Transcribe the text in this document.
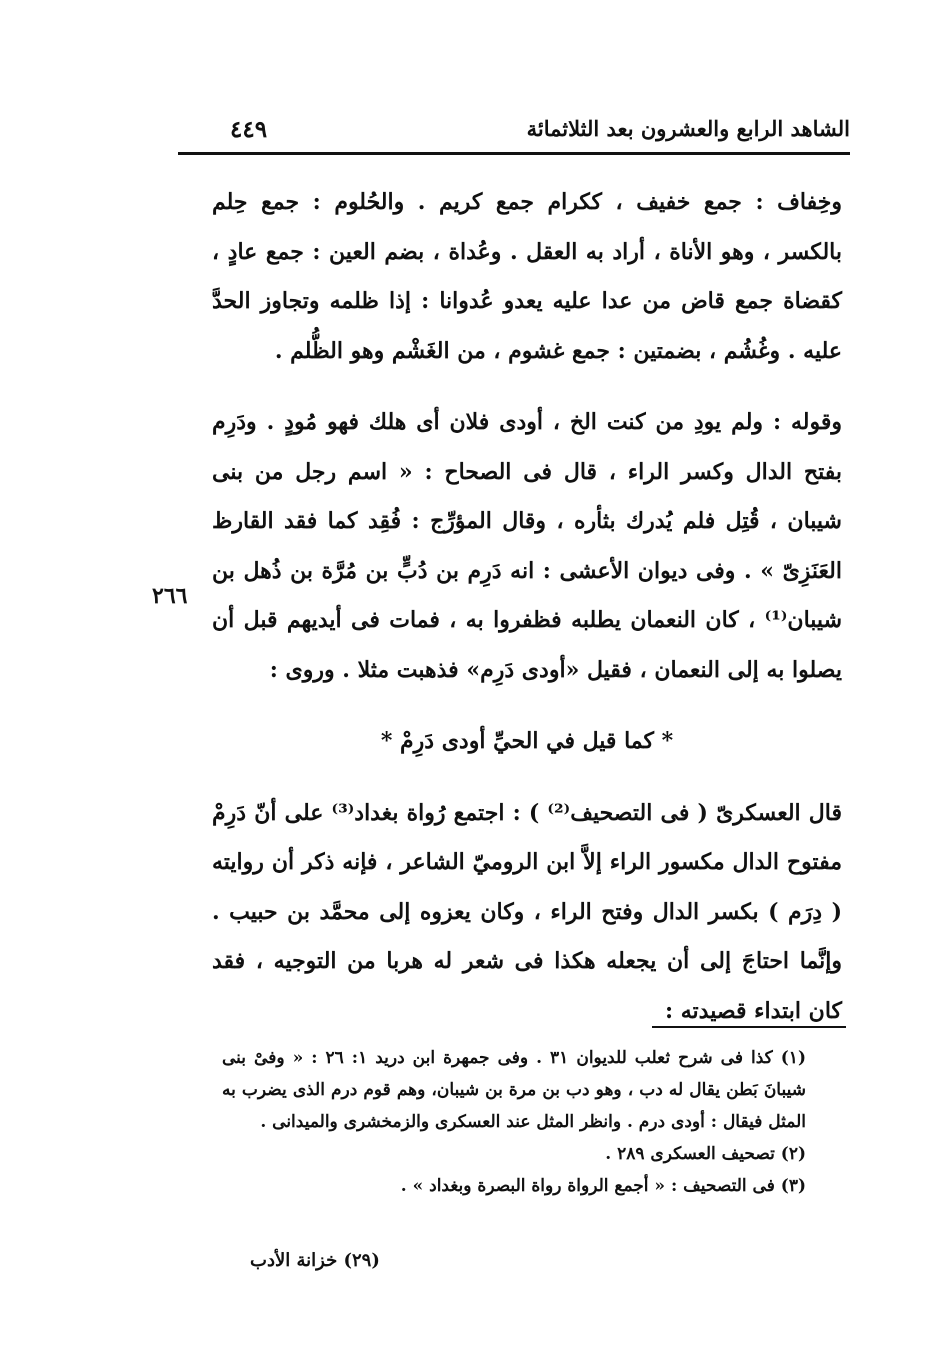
الشاهد الرابع والعشرون بعد الثلاثمائة
٤٤٩

وخِفاف : جمع خفيف ، ككرام جمع كريم . والحُلوم : جمع حِلم بالكسر ، وهو الأناة ، أراد به العقل . وعُداة ، بضم العين : جمع عادٍ ، كقضاة جمع قاض من عدا عليه يعدو عُدوانا : إذا ظلمه وتجاوز الحدَّ عليه . وغُشُم ، بضمتين : جمع غشوم ، من الغَشْم وهو الظُّلم .

وقوله : ولم يودِ من كنت الخ ، أودى فلان أى هلك فهو مُودٍ . ودَرِم بفتح الدال وكسر الراء ، قال فى الصحاح : « اسم رجل من بنى شيبان ، قُتِل فلم يُدرك بثأره ، وقال المؤرِّج : فُقِد كما فقد القارظ العَنَزِىّ » . وفى ديوان الأعشى : انه دَرِم بن دُبٍّ بن مُرَّة بن ذُهل بن شيبان⁽¹⁾ ، كان النعمان يطلبه فظفروا به ، فمات فى أيديهم قبل أن يصلوا به إلى النعمان ، فقيل «أودى دَرِم» فذهبت مثلا . وروى :

* كما قيل في الحيِّ أودى دَرِمْ *

قال العسكرىّ ( فى التصحيف⁽²⁾ ) : اجتمع رُواة بغداد⁽³⁾ على أنّ دَرِمْ مفتوح الدال مكسور الراء إلاَّ ابن الروميّ الشاعر ، فإنه ذكر أن روايته ( دِرَم ) بكسر الدال وفتح الراء ، وكان يعزوه إلى محمَّد بن حبيب . وإنَّما احتاجَ إلى أن يجعله هكذا فى شعر له هربا من التوجيه ، فقد كان ابتداء قصيدته :

٢٦٦

(١) كذا فى شرح ثعلب للديوان ٣١ . وفى جمهرة ابن دريد ١: ٢٦ : « وفىْ بنى شيبانَ بَطن يقال له دب ، وهو دب بن مرة بن شيبان، وهم قوم درم الذى يضرب به المثل فيقال : أودى درم . وانظر المثل عند العسكرى والزمخشرى والميدانى .

(٢) تصحيف العسكرى ٢٨٩ .

(٣) فى التصحيف : « أجمع الرواة رواة البصرة وبغداد » .

(٢٩) خزانة الأدب
